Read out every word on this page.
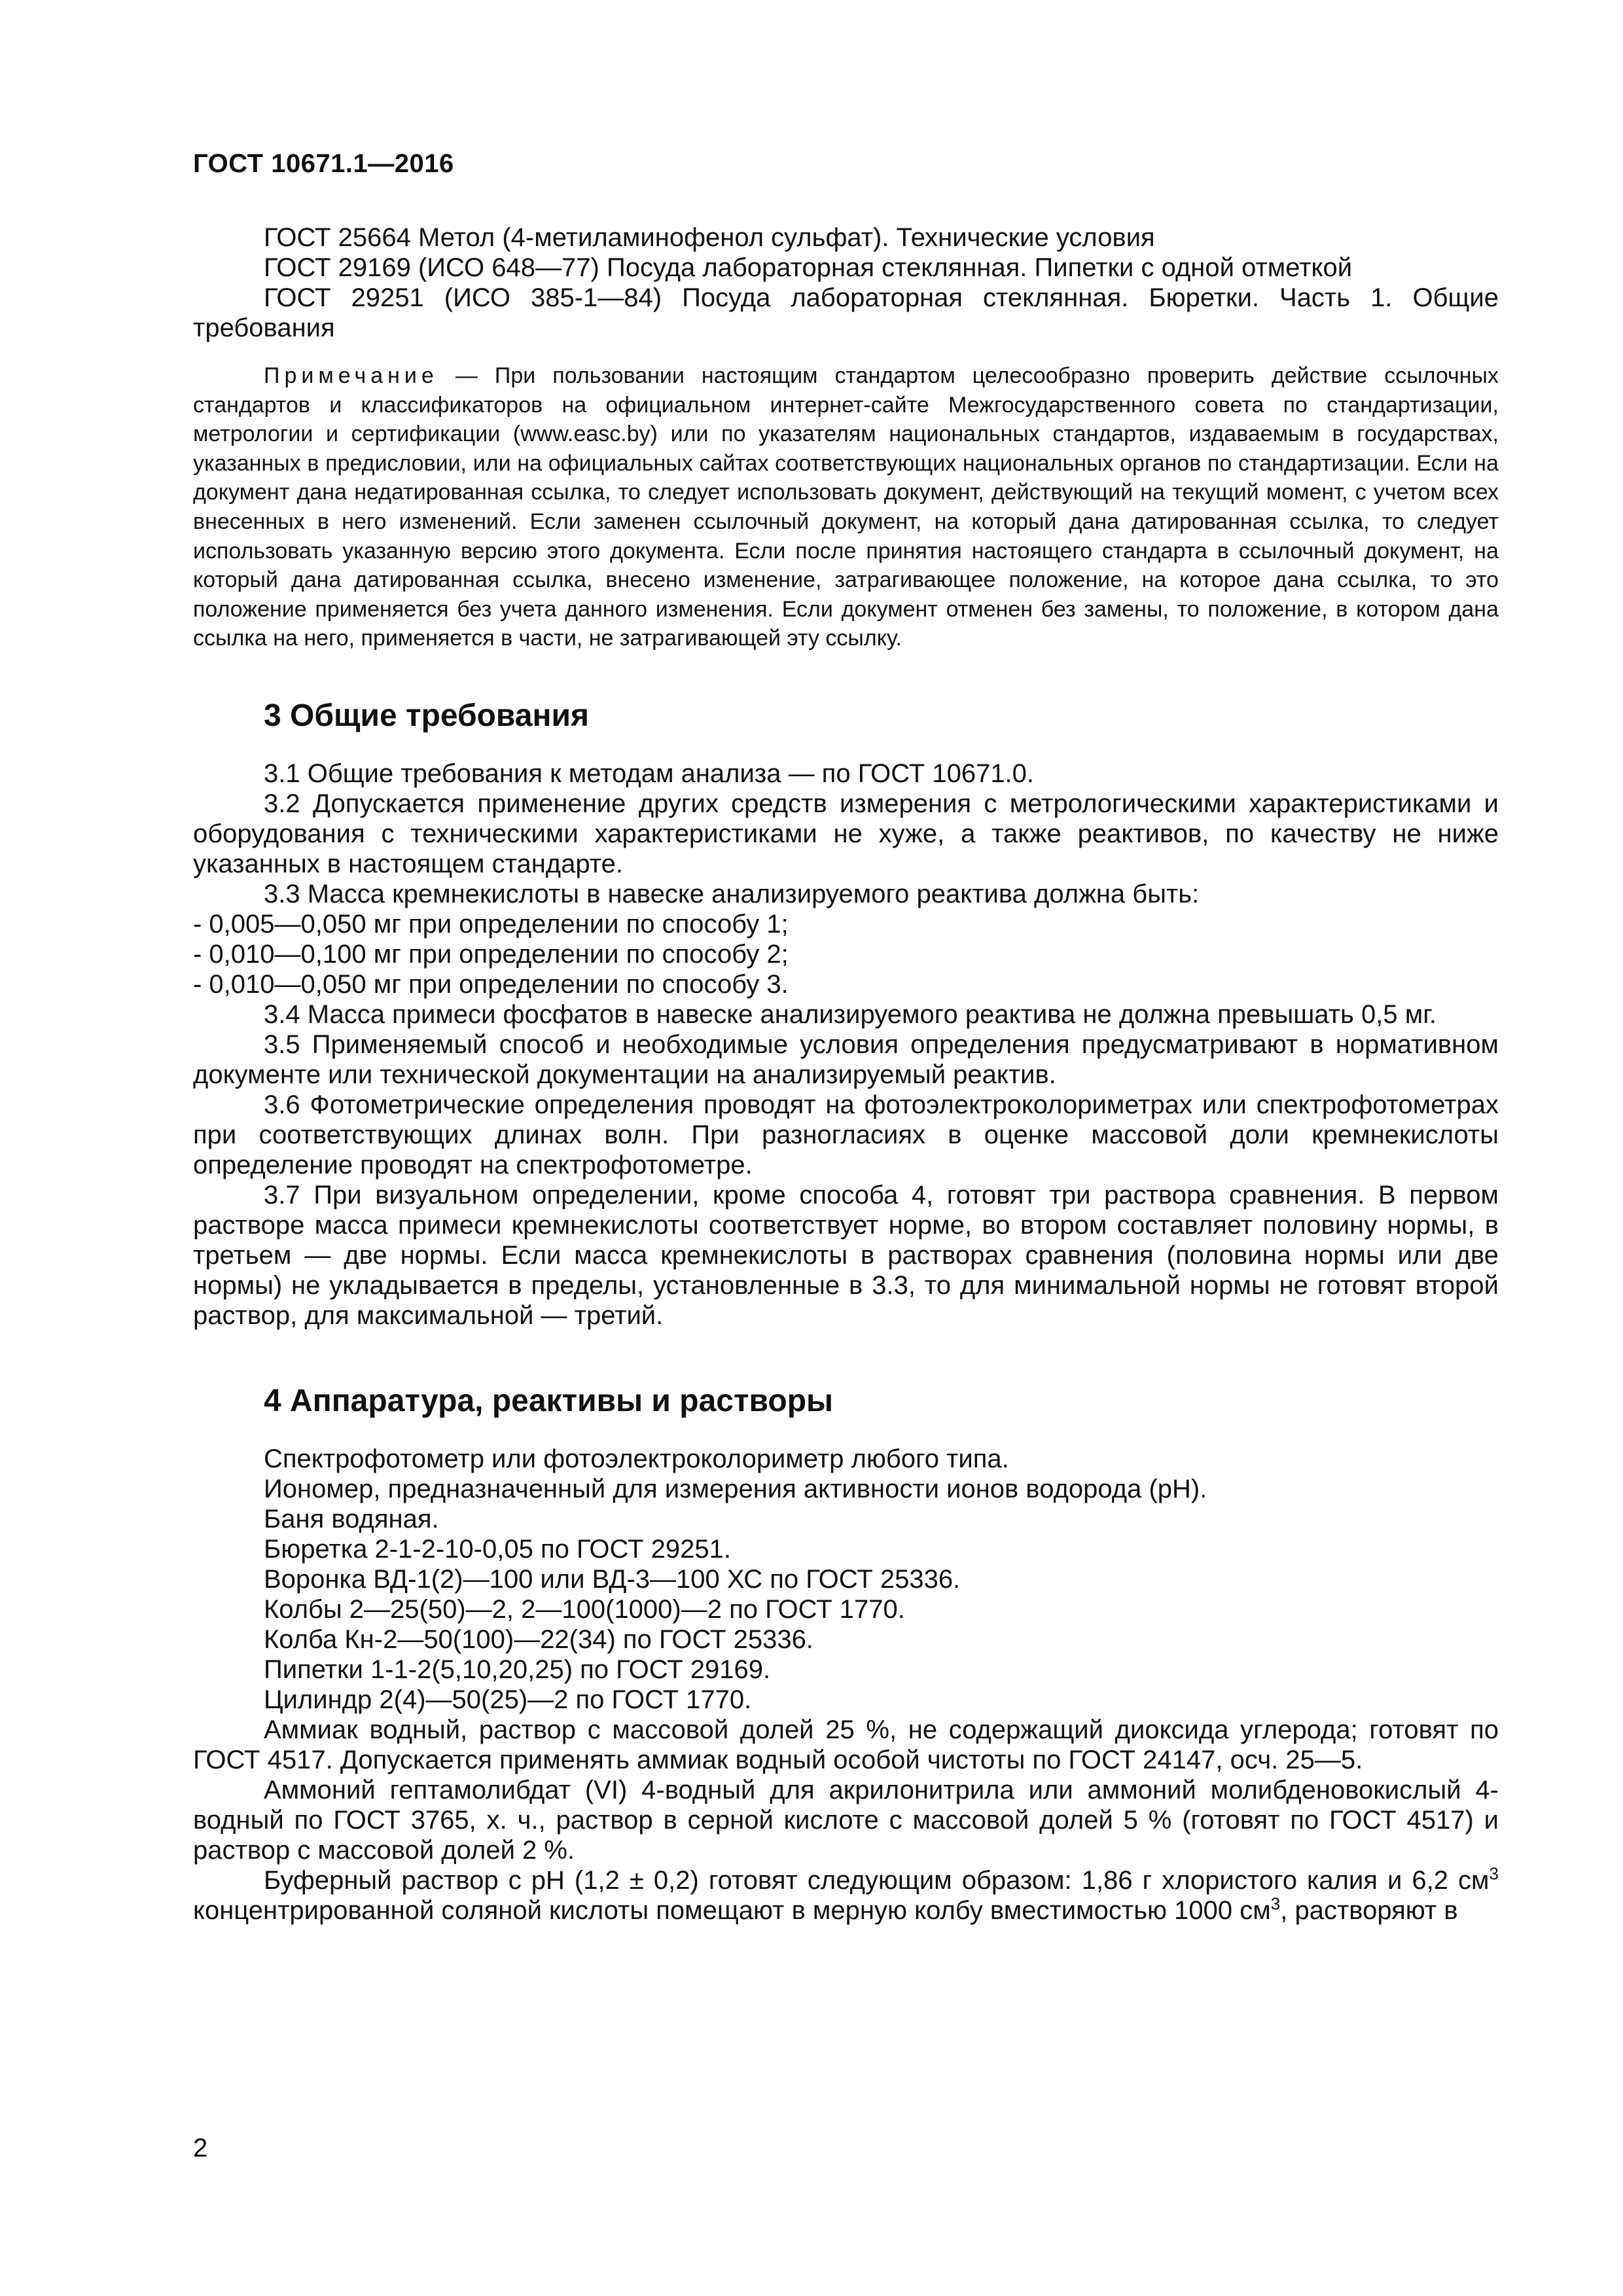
ГОСТ 10671.1—2016

ГОСТ 25664 Метол (4-метиламинофенол сульфат). Технические условия

ГОСТ 29169 (ИСО 648—77) Посуда лабораторная стеклянная. Пипетки с одной отметкой

ГОСТ 29251 (ИСО 385-1—84) Посуда лабораторная стеклянная. Бюретки. Часть 1. Общие требования

Примечание — При пользовании настоящим стандартом целесообразно проверить действие ссылочных стандартов и классификаторов на официальном интернет-сайте Межгосударственного совета по стандартизации, метрологии и сертификации (www.easc.by) или по указателям национальных стандартов, издаваемым в государствах, указанных в предисловии, или на официальных сайтах соответствующих национальных органов по стандартизации. Если на документ дана недатированная ссылка, то следует использовать документ, действующий на текущий момент, с учетом всех внесенных в него изменений. Если заменен ссылочный документ, на который дана датированная ссылка, то следует использовать указанную версию этого документа. Если после принятия настоящего стандарта в ссылочный документ, на который дана датированная ссылка, внесено изменение, затрагивающее положение, на которое дана ссылка, то это положение применяется без учета данного изменения. Если документ отменен без замены, то положение, в котором дана ссылка на него, применяется в части, не затрагивающей эту ссылку.

3 Общие требования

3.1 Общие требования к методам анализа — по ГОСТ 10671.0.

3.2 Допускается применение других средств измерения с метрологическими характеристиками и оборудования с техническими характеристиками не хуже, а также реактивов, по качеству не ниже указанных в настоящем стандарте.

3.3 Масса кремнекислоты в навеске анализируемого реактива должна быть:

- 0,005—0,050 мг при определении по способу 1;

- 0,010—0,100 мг при определении по способу 2;

- 0,010—0,050 мг при определении по способу 3.

3.4 Масса примеси фосфатов в навеске анализируемого реактива не должна превышать 0,5 мг.

3.5 Применяемый способ и необходимые условия определения предусматривают в нормативном документе или технической документации на анализируемый реактив.

3.6 Фотометрические определения проводят на фотоэлектроколориметрах или спектрофотометрах при соответствующих длинах волн. При разногласиях в оценке массовой доли кремнекислоты определение проводят на спектрофотометре.

3.7 При визуальном определении, кроме способа 4, готовят три раствора сравнения. В первом растворе масса примеси кремнекислоты соответствует норме, во втором составляет половину нормы, в третьем — две нормы. Если масса кремнекислоты в растворах сравнения (половина нормы или две нормы) не укладывается в пределы, установленные в 3.3, то для минимальной нормы не готовят второй раствор, для максимальной — третий.

4 Аппаратура, реактивы и растворы

Спектрофотометр или фотоэлектроколориметр любого типа.

Иономер, предназначенный для измерения активности ионов водорода (pH).

Баня водяная.

Бюретка 2-1-2-10-0,05 по ГОСТ 29251.

Воронка ВД-1(2)—100 или ВД-3—100 ХС по ГОСТ 25336.

Колбы 2—25(50)—2, 2—100(1000)—2 по ГОСТ 1770.

Колба Кн-2—50(100)—22(34) по ГОСТ 25336.

Пипетки 1-1-2(5,10,20,25) по ГОСТ 29169.

Цилиндр 2(4)—50(25)—2 по ГОСТ 1770.

Аммиак водный, раствор с массовой долей 25 %, не содержащий диоксида углерода; готовят по ГОСТ 4517. Допускается применять аммиак водный особой чистоты по ГОСТ 24147, осч. 25—5.

Аммоний гептамолибдат (VI) 4-водный для акрилонитрила или аммоний молибденовокислый 4-водный по ГОСТ 3765, х. ч., раствор в серной кислоте с массовой долей 5 % (готовят по ГОСТ 4517) и раствор с массовой долей 2 %.

Буферный раствор с pH (1,2 ± 0,2) готовят следующим образом: 1,86 г хлористого калия и 6,2 $см^3$ концентрированной соляной кислоты помещают в мерную колбу вместимостью 1000 $см^3$, растворяют в

2
